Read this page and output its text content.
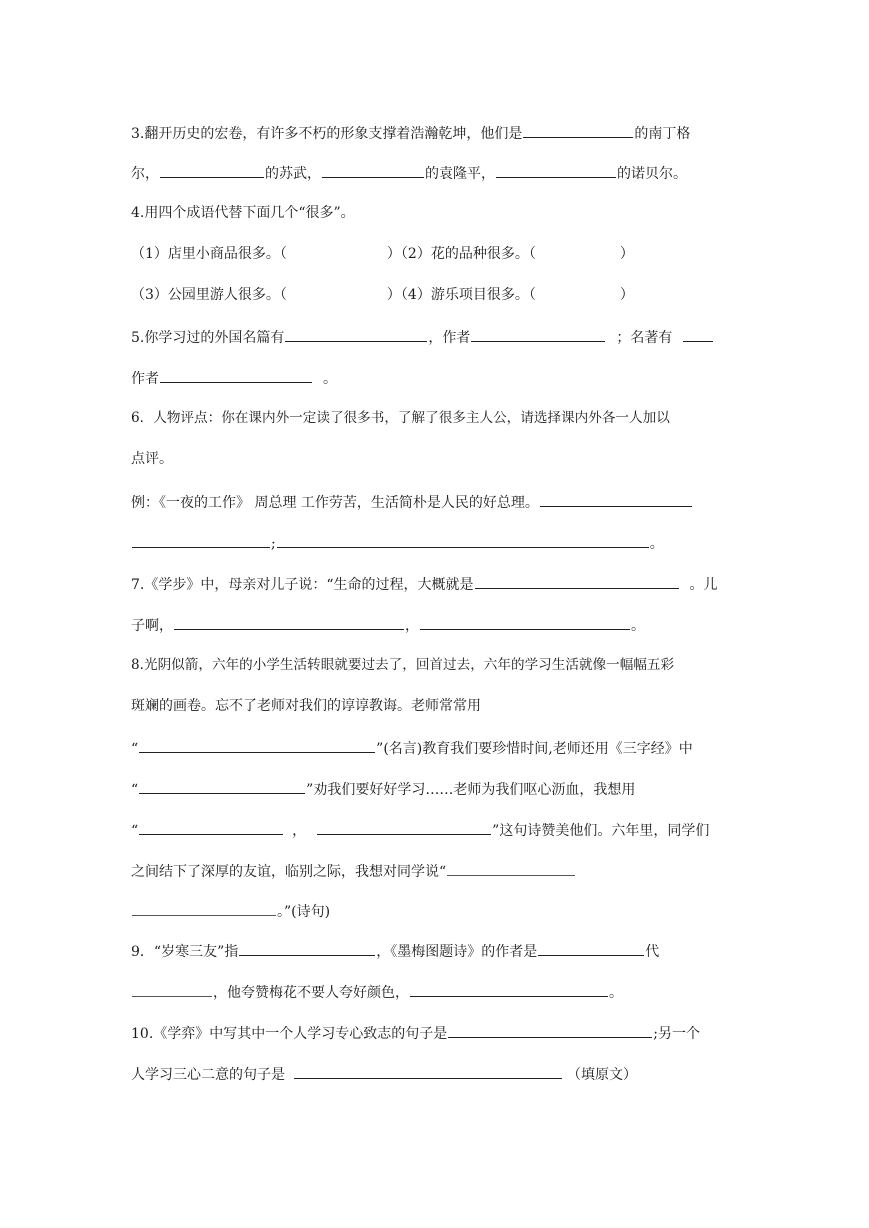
3.翻开历史的宏卷，有许多不朽的形象支撑着浩瀚乾坤，他们是	的南丁格
尔，	的苏武，	的袁隆平，	的诺贝尔。
4.用四个成语代替下面几个“很多”。
（1）店里小商品很多。（	）（2）花的品种很多。（	）
（3）公园里游人很多。（	）（4）游乐项目很多。（	）
5.你学习过的外国名篇有	，作者	；名著有
作者	。
6．人物评点：你在课内外一定读了很多书，了解了很多主人公，请选择课内外各一人加以
点评。
例：《一夜的工作》 周总理 工作劳苦，生活简朴是人民的好总理。
;	。
7.《学步》中，母亲对儿子说：“生命的过程，大概就是	。儿
子啊，	，	。
8.光阴似箭，六年的小学生活转眼就要过去了，回首过去，六年的学习生活就像一幅幅五彩
斑斓的画卷。忘不了老师对我们的谆谆教诲。老师常常用
“	”(名言)教育我们要珍惜时间,老师还用《三字经》中
“	”劝我们要好好学习……老师为我们呕心沥血，我想用
“	，	”这句诗赞美他们。六年里，同学们
之间结下了深厚的友谊，临别之际，我想对同学说“
。”(诗句)
9．“岁寒三友”指	，《墨梅图题诗》的作者是	代
，他夸赞梅花不要人夸好颜色，	。
10.《学弈》中写其中一个人学习专心致志的句子是	;另一个
人学习三心二意的句子是	（填原文）
